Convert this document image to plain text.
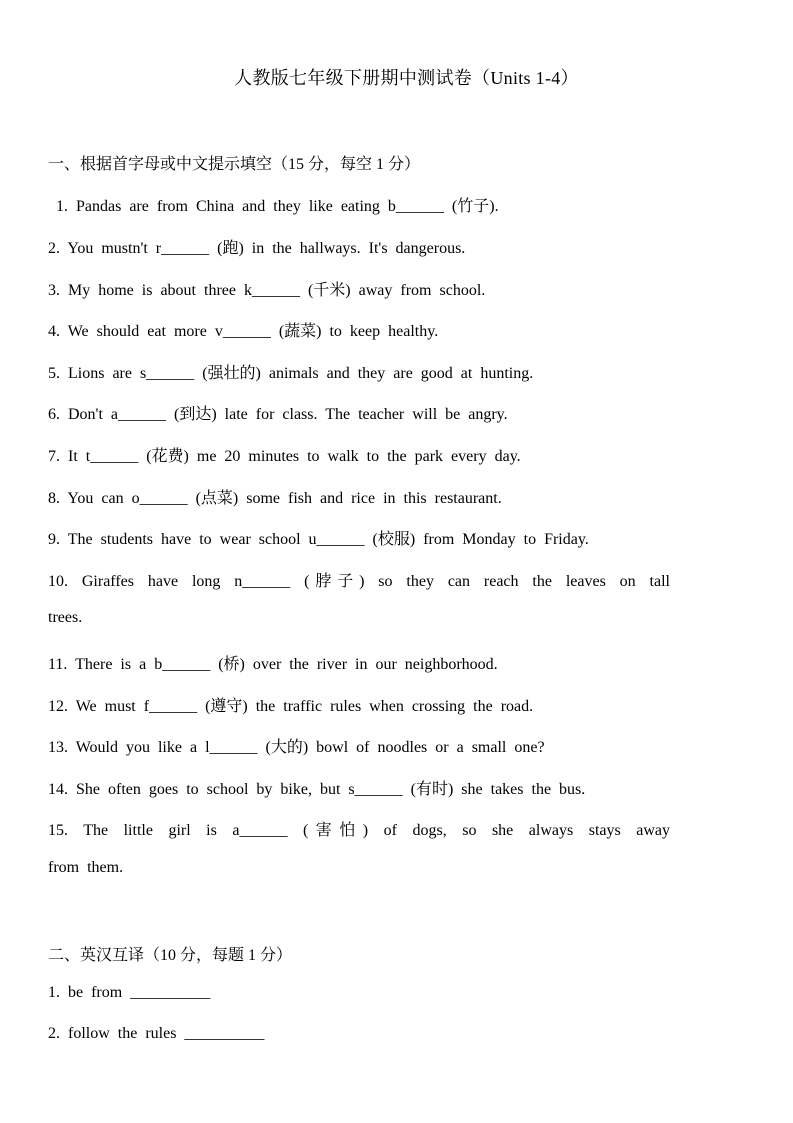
人教版七年级下册期中测试卷（Units 1-4）
一、根据首字母或中文提示填空（15 分，每空 1 分）
1. Pandas are from China and they like eating b______ (竹子).
2. You mustn't r______ (跑) in the hallways. It's dangerous.
3. My home is about three k______ (千米) away from school.
4. We should eat more v______ (蔬菜) to keep healthy.
5. Lions are s______ (强壮的) animals and they are good at hunting.
6. Don't a______ (到达) late for class. The teacher will be angry.
7. It t______ (花费) me 20 minutes to walk to the park every day.
8. You can o______ (点菜) some fish and rice in this restaurant.
9. The students have to wear school u______ (校服) from Monday to Friday.
10. Giraffes have long n______ (脖子) so they can reach the leaves on tall
trees.
11. There is a b______ (桥) over the river in our neighborhood.
12. We must f______ (遵守) the traffic rules when crossing the road.
13. Would you like a l______ (大的) bowl of noodles or a small one?
14. She often goes to school by bike, but s______ (有时) she takes the bus.
15. The little girl is a______ (害怕) of dogs, so she always stays away
from them.
二、英汉互译（10 分，每题 1 分）
1. be from __________
2. follow the rules __________
